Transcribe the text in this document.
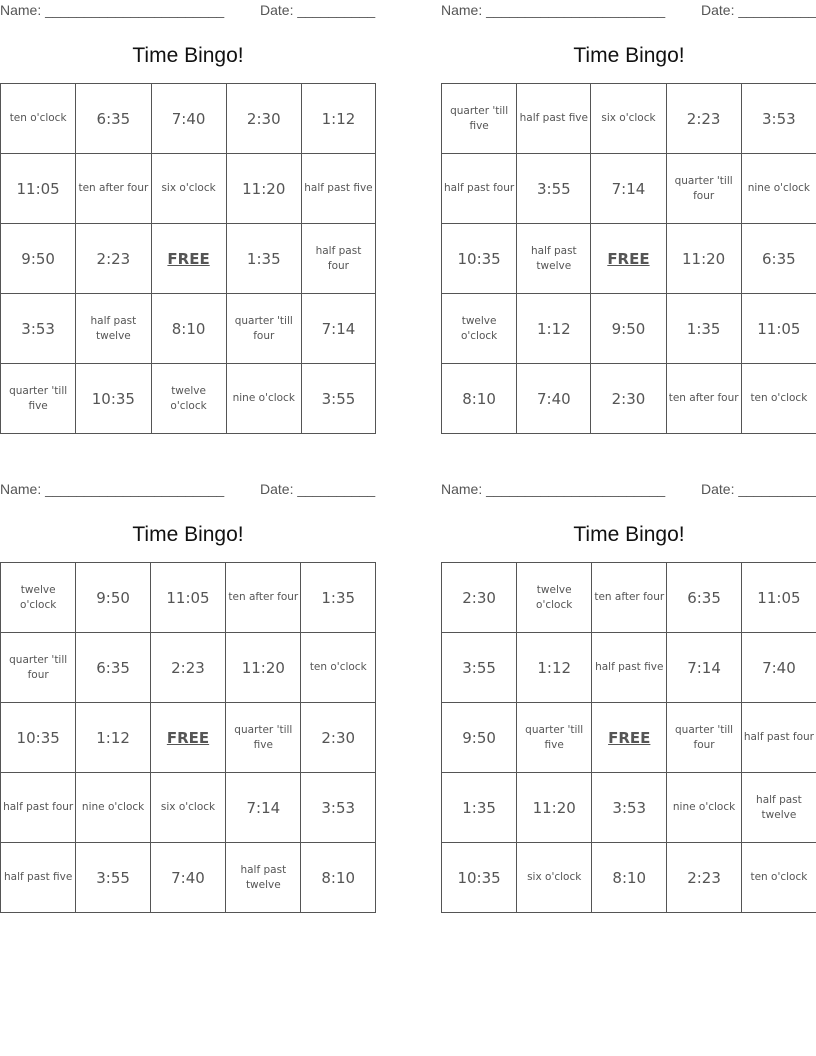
Name: _______________________	Date: __________
Time Bingo!
ten o'clock	6:35	7:40	2:30	1:12
11:05	ten after four	six o'clock	11:20	half past five
9:50	2:23	FREE	1:35	half past four
3:53	half past twelve	8:10	quarter 'till four	7:14
quarter 'till five	10:35	twelve o'clock	nine o'clock	3:55
Name: _______________________	Date: __________
Time Bingo!
quarter 'till five	half past five	six o'clock	2:23	3:53
half past four	3:55	7:14	quarter 'till four	nine o'clock
10:35	half past twelve	FREE	11:20	6:35
twelve o'clock	1:12	9:50	1:35	11:05
8:10	7:40	2:30	ten after four	ten o'clock
Name: _______________________	Date: __________
Time Bingo!
twelve o'clock	9:50	11:05	ten after four	1:35
quarter 'till four	6:35	2:23	11:20	ten o'clock
10:35	1:12	FREE	quarter 'till five	2:30
half past four	nine o'clock	six o'clock	7:14	3:53
half past five	3:55	7:40	half past twelve	8:10
Name: _______________________	Date: __________
Time Bingo!
2:30	twelve o'clock	ten after four	6:35	11:05
3:55	1:12	half past five	7:14	7:40
9:50	quarter 'till five	FREE	quarter 'till four	half past four
1:35	11:20	3:53	nine o'clock	half past twelve
10:35	six o'clock	8:10	2:23	ten o'clock
